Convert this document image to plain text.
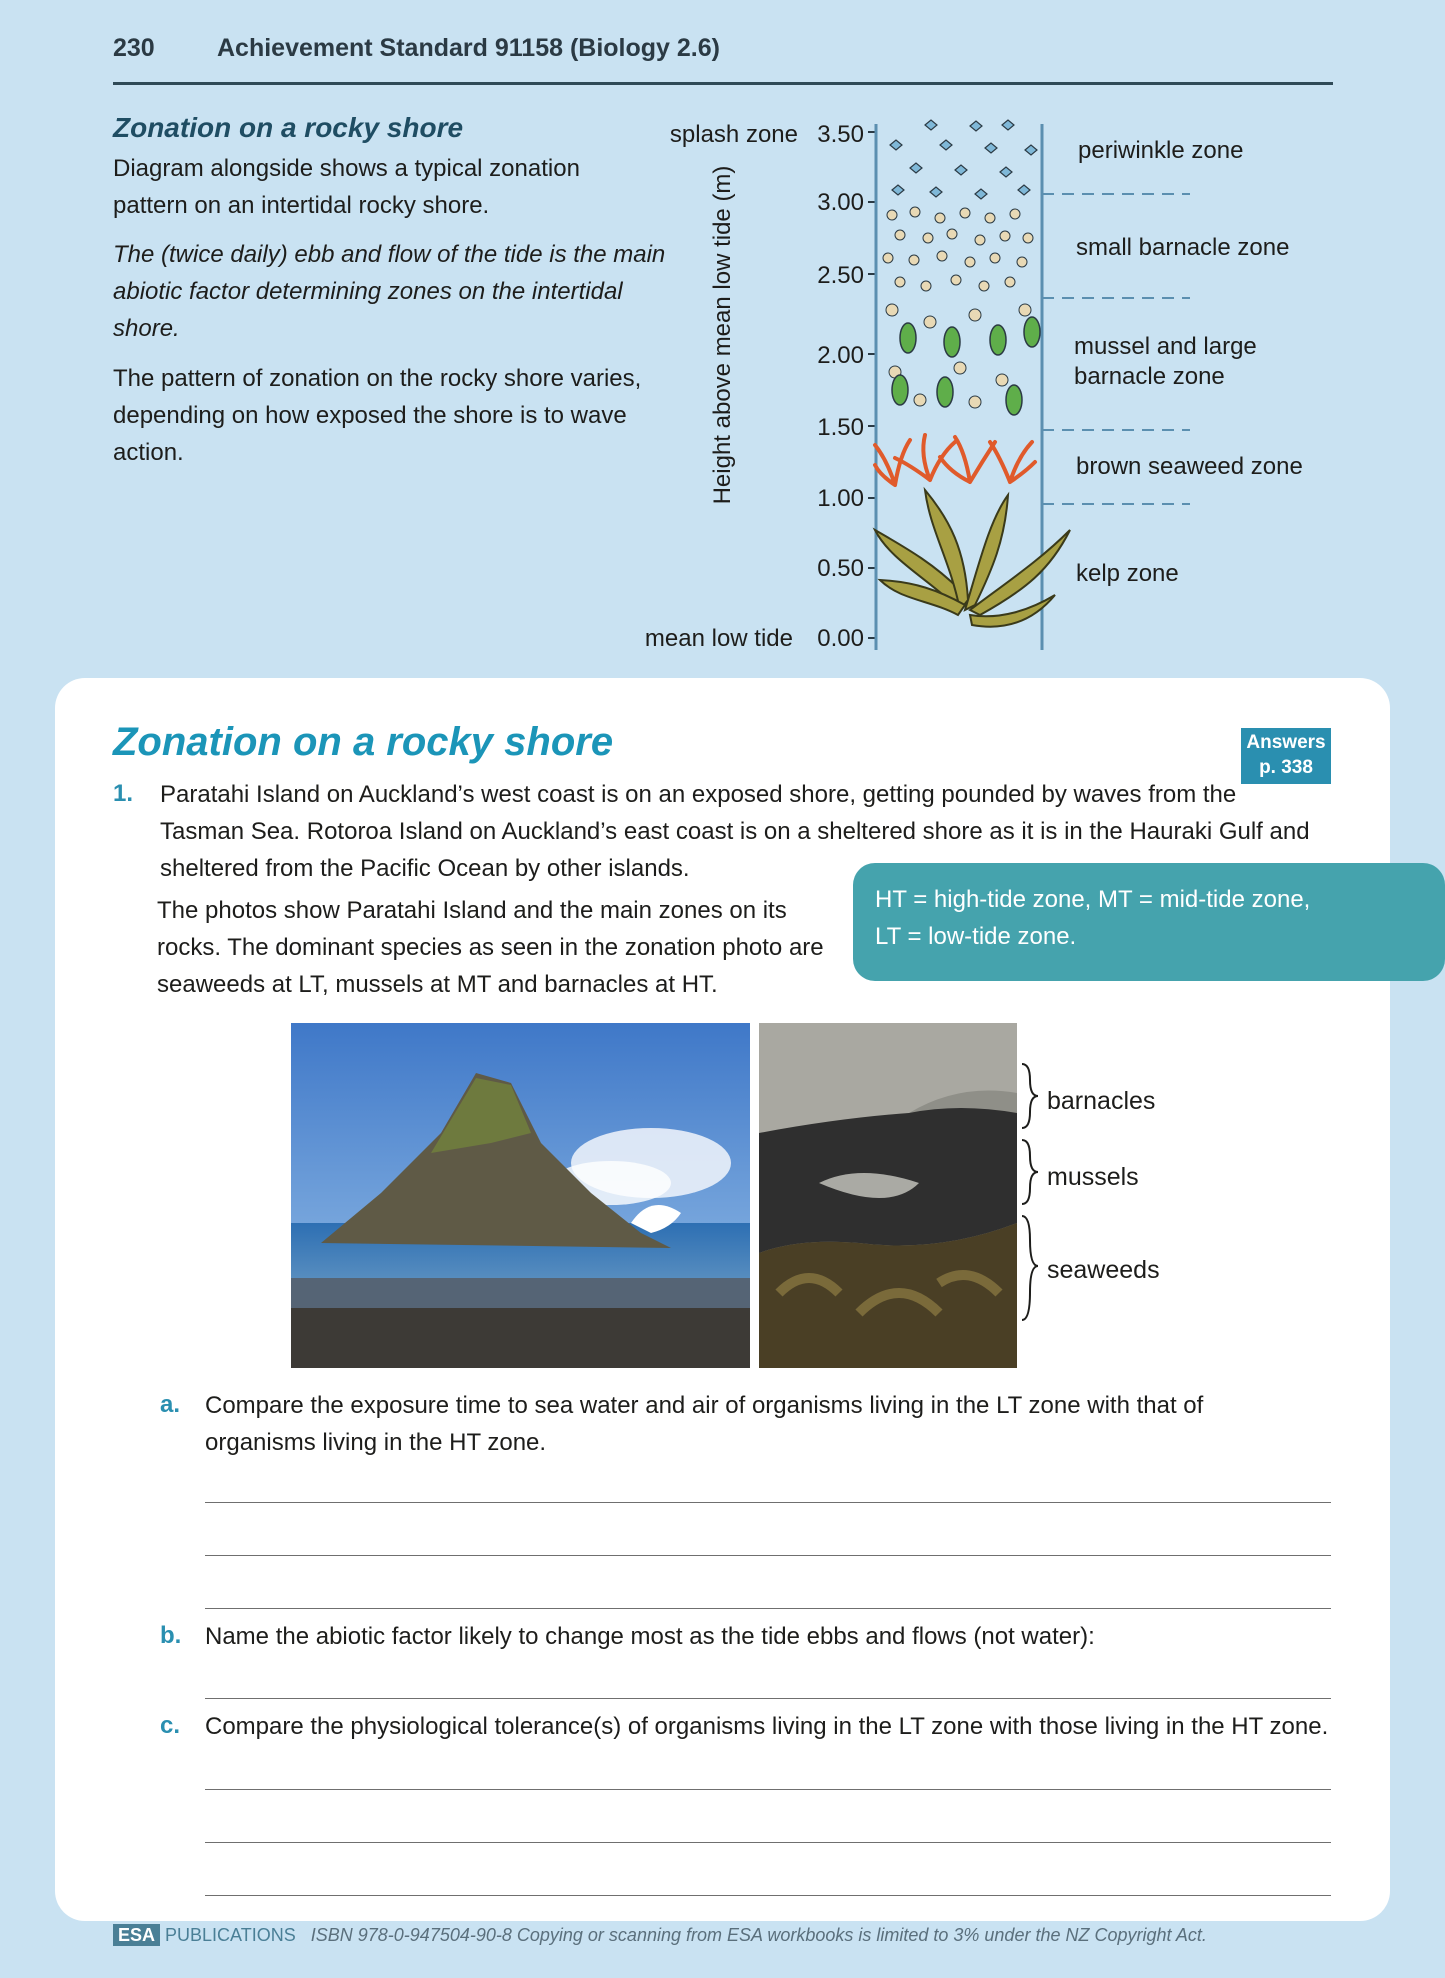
230 Achievement Standard 91158 (Biology 2.6)
Zonation on a rocky shore
Diagram alongside shows a typical zonation
pattern on an intertidal rocky shore.
The (twice daily) ebb and flow of the tide is the main
abiotic factor determining zones on the intertidal
shore.
The pattern of zonation on the rocky shore varies,
depending on how exposed the shore is to wave
action.	Height above mean low tide (m)
splash zone
mean low tide
3.50
3.00
2.50
2.00
1.50
1.00
0.50
0.00
periwinkle zone
small barnacle zone
mussel and large
barnacle zone
brown seaweed zone
kelp zone
Zonation on a rocky shore	Answers
p. 338
1. Paratahi Island on Auckland’s west coast is on an exposed shore, getting pounded by waves from the
Tasman Sea. Rotoroa Island on Auckland’s east coast is on a sheltered shore as it is in the Hauraki Gulf and
sheltered from the Pacific Ocean by other islands.
The photos show Paratahi Island and the main zones on its
rocks. The dominant species as seen in the zonation photo are
seaweeds at LT, mussels at MT and barnacles at HT.
HT = high-tide zone, MT = mid-tide zone,
LT = low-tide zone.
barnacles
mussels
seaweeds
a. Compare the exposure time to sea water and air of organisms living in the LT zone with that of
organisms living in the HT zone.
b. Name the abiotic factor likely to change most as the tide ebbs and flows (not water):
c. Compare the physiological tolerance(s) of organisms living in the LT zone with those living in the HT zone.
ESA PUBLICATIONS ISBN 978-0-947504-90-8 Copying or scanning from ESA workbooks is limited to 3% under the NZ Copyright Act.
